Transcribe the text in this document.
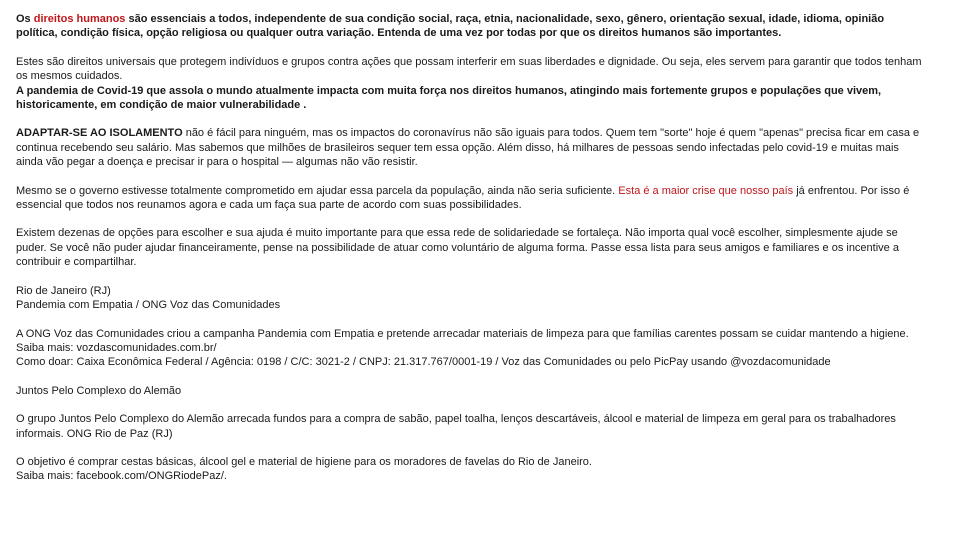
Os direitos humanos são essenciais a todos, independente de sua condição social, raça, etnia, nacionalidade, sexo, gênero, orientação sexual, idade, idioma, opinião política, condição física, opção religiosa ou qualquer outra variação. Entenda de uma vez por todas por que os direitos humanos são importantes.

Estes são direitos universais que protegem indivíduos e grupos contra ações que possam interferir em suas liberdades e dignidade. Ou seja, eles servem para garantir que todos tenham os mesmos cuidados.
A pandemia de Covid-19 que assola o mundo atualmente impacta com muita força nos direitos humanos, atingindo mais fortemente grupos e populações que vivem, historicamente, em condição de maior vulnerabilidade .

ADAPTAR-SE AO ISOLAMENTO não é fácil para ninguém, mas os impactos do coronavírus não são iguais para todos. Quem tem "sorte" hoje é quem "apenas" precisa ficar em casa e continua recebendo seu salário. Mas sabemos que milhões de brasileiros sequer tem essa opção. Além disso, há milhares de pessoas sendo infectadas pelo covid-19 e muitas mais ainda vão pegar a doença e precisar ir para o hospital — algumas não vão resistir.

Mesmo se o governo estivesse totalmente comprometido em ajudar essa parcela da população, ainda não seria suficiente. Esta é a maior crise que nosso país já enfrentou. Por isso é essencial que todos nos reunamos agora e cada um faça sua parte de acordo com suas possibilidades.

Existem dezenas de opções para escolher e sua ajuda é muito importante para que essa rede de solidariedade se fortaleça. Não importa qual você escolher, simplesmente ajude se puder. Se você não puder ajudar financeiramente, pense na possibilidade de atuar como voluntário de alguma forma. Passe essa lista para seus amigos e familiares e os incentive a contribuir e compartilhar.

Rio de Janeiro (RJ)
Pandemia com Empatia / ONG Voz das Comunidades

A ONG Voz das Comunidades criou a campanha Pandemia com Empatia e pretende arrecadar materiais de limpeza para que famílias carentes possam se cuidar mantendo a higiene.
Saiba mais: vozdascomunidades.com.br/
Como doar: Caixa Econômica Federal / Agência: 0198 / C/C: 3021-2 / CNPJ: 21.317.767/0001-19 / Voz das Comunidades ou pelo PicPay usando @vozdacomunidade

Juntos Pelo Complexo do Alemão

O grupo Juntos Pelo Complexo do Alemão arrecada fundos para a compra de sabão, papel toalha, lenços descartáveis, álcool e material de limpeza em geral para os trabalhadores informais. ONG Rio de Paz (RJ)

O objetivo é comprar cestas básicas, álcool gel e material de higiene para os moradores de favelas do Rio de Janeiro.
Saiba mais: facebook.com/ONGRiodePaz/.
